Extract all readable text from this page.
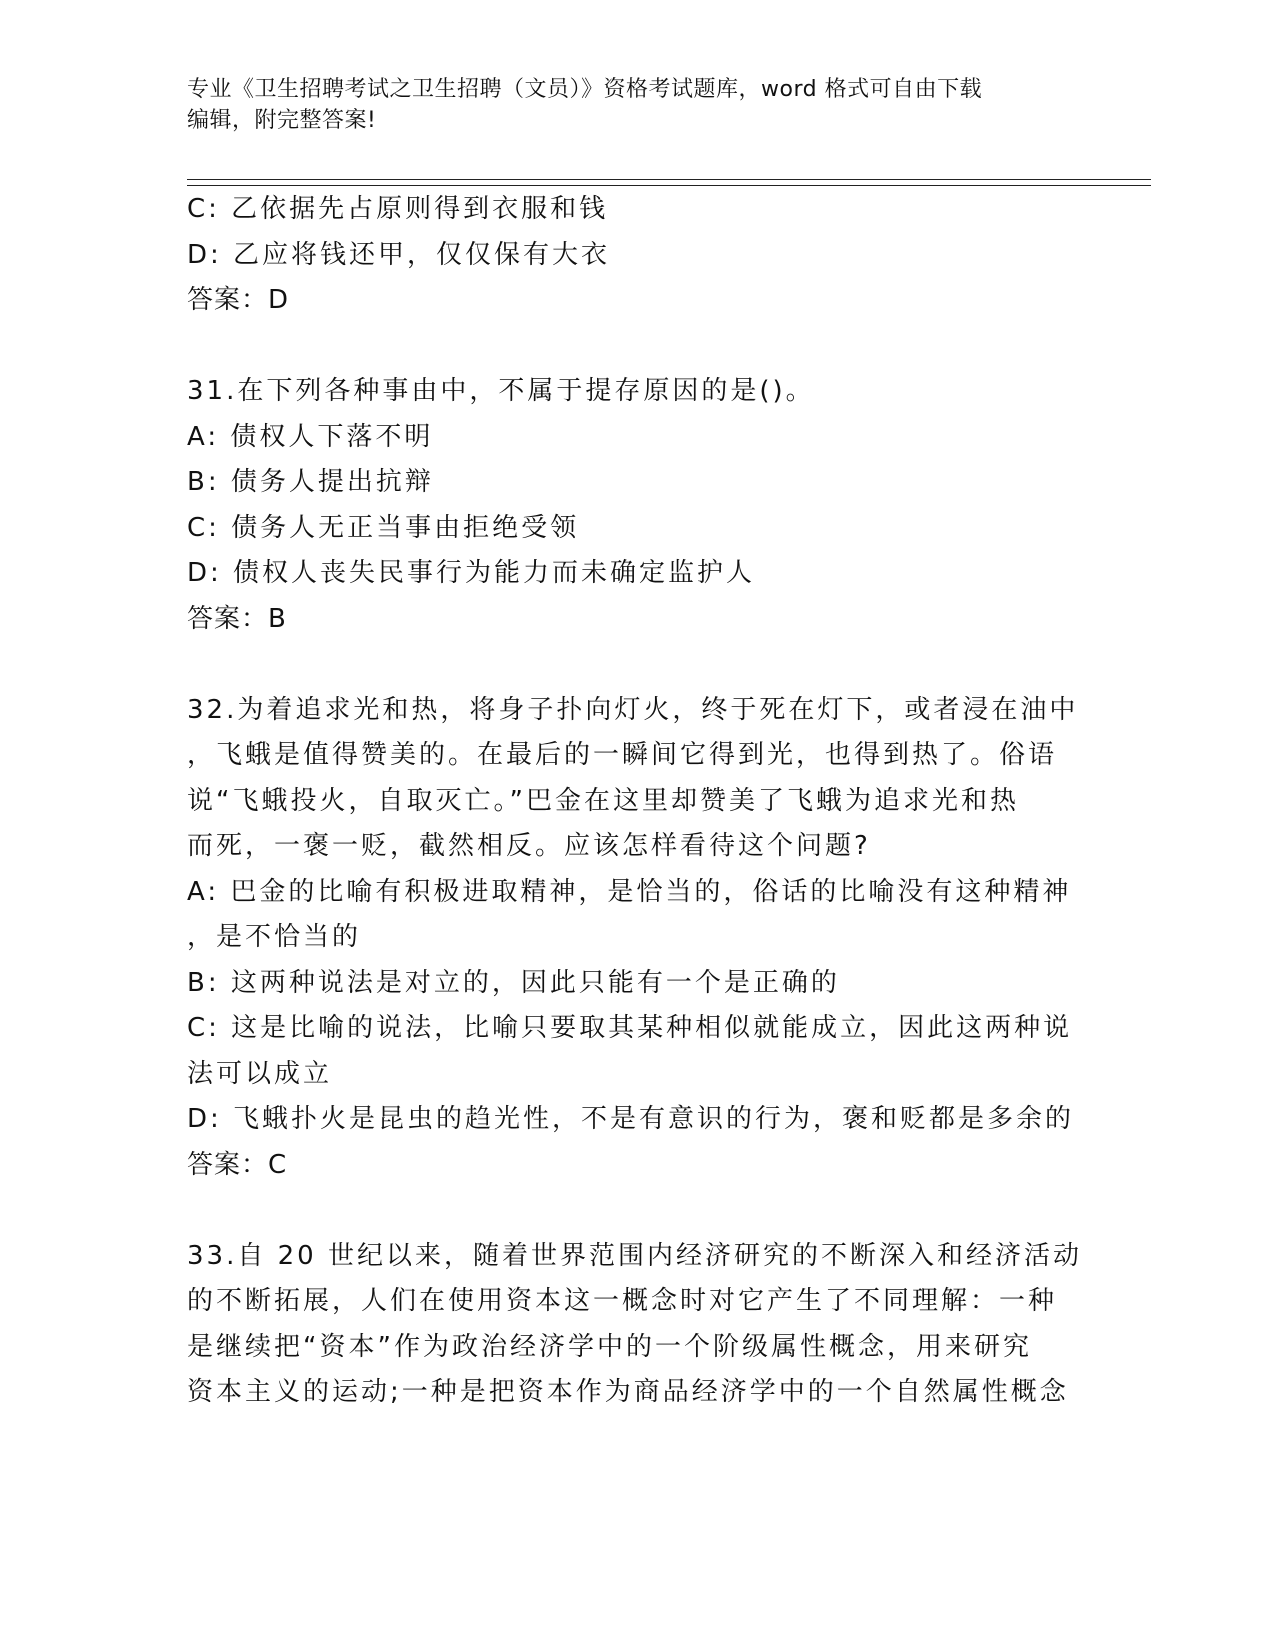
专业《卫生招聘考试之卫生招聘（文员）》资格考试题库，word 格式可自由下载
编辑，附完整答案!
C: 乙依据先占原则得到衣服和钱
D: 乙应将钱还甲，仅仅保有大衣
答案：D
31.在下列各种事由中，不属于提存原因的是()。
A: 债权人下落不明
B: 债务人提出抗辩
C: 债务人无正当事由拒绝受领
D: 债权人丧失民事行为能力而未确定监护人
答案：B
32.为着追求光和热，将身子扑向灯火，终于死在灯下，或者浸在油中
，飞蛾是值得赞美的。在最后的一瞬间它得到光，也得到热了。俗语
说“飞蛾投火，自取灭亡。”巴金在这里却赞美了飞蛾为追求光和热
而死，一褒一贬，截然相反。应该怎样看待这个问题?
A: 巴金的比喻有积极进取精神，是恰当的，俗话的比喻没有这种精神
，是不恰当的
B: 这两种说法是对立的，因此只能有一个是正确的
C: 这是比喻的说法，比喻只要取其某种相似就能成立，因此这两种说
法可以成立
D: 飞蛾扑火是昆虫的趋光性，不是有意识的行为，褒和贬都是多余的
答案：C
33.自 20 世纪以来，随着世界范围内经济研究的不断深入和经济活动
的不断拓展，人们在使用资本这一概念时对它产生了不同理解：一种
是继续把“资本”作为政治经济学中的一个阶级属性概念，用来研究
资本主义的运动;一种是把资本作为商品经济学中的一个自然属性概念
